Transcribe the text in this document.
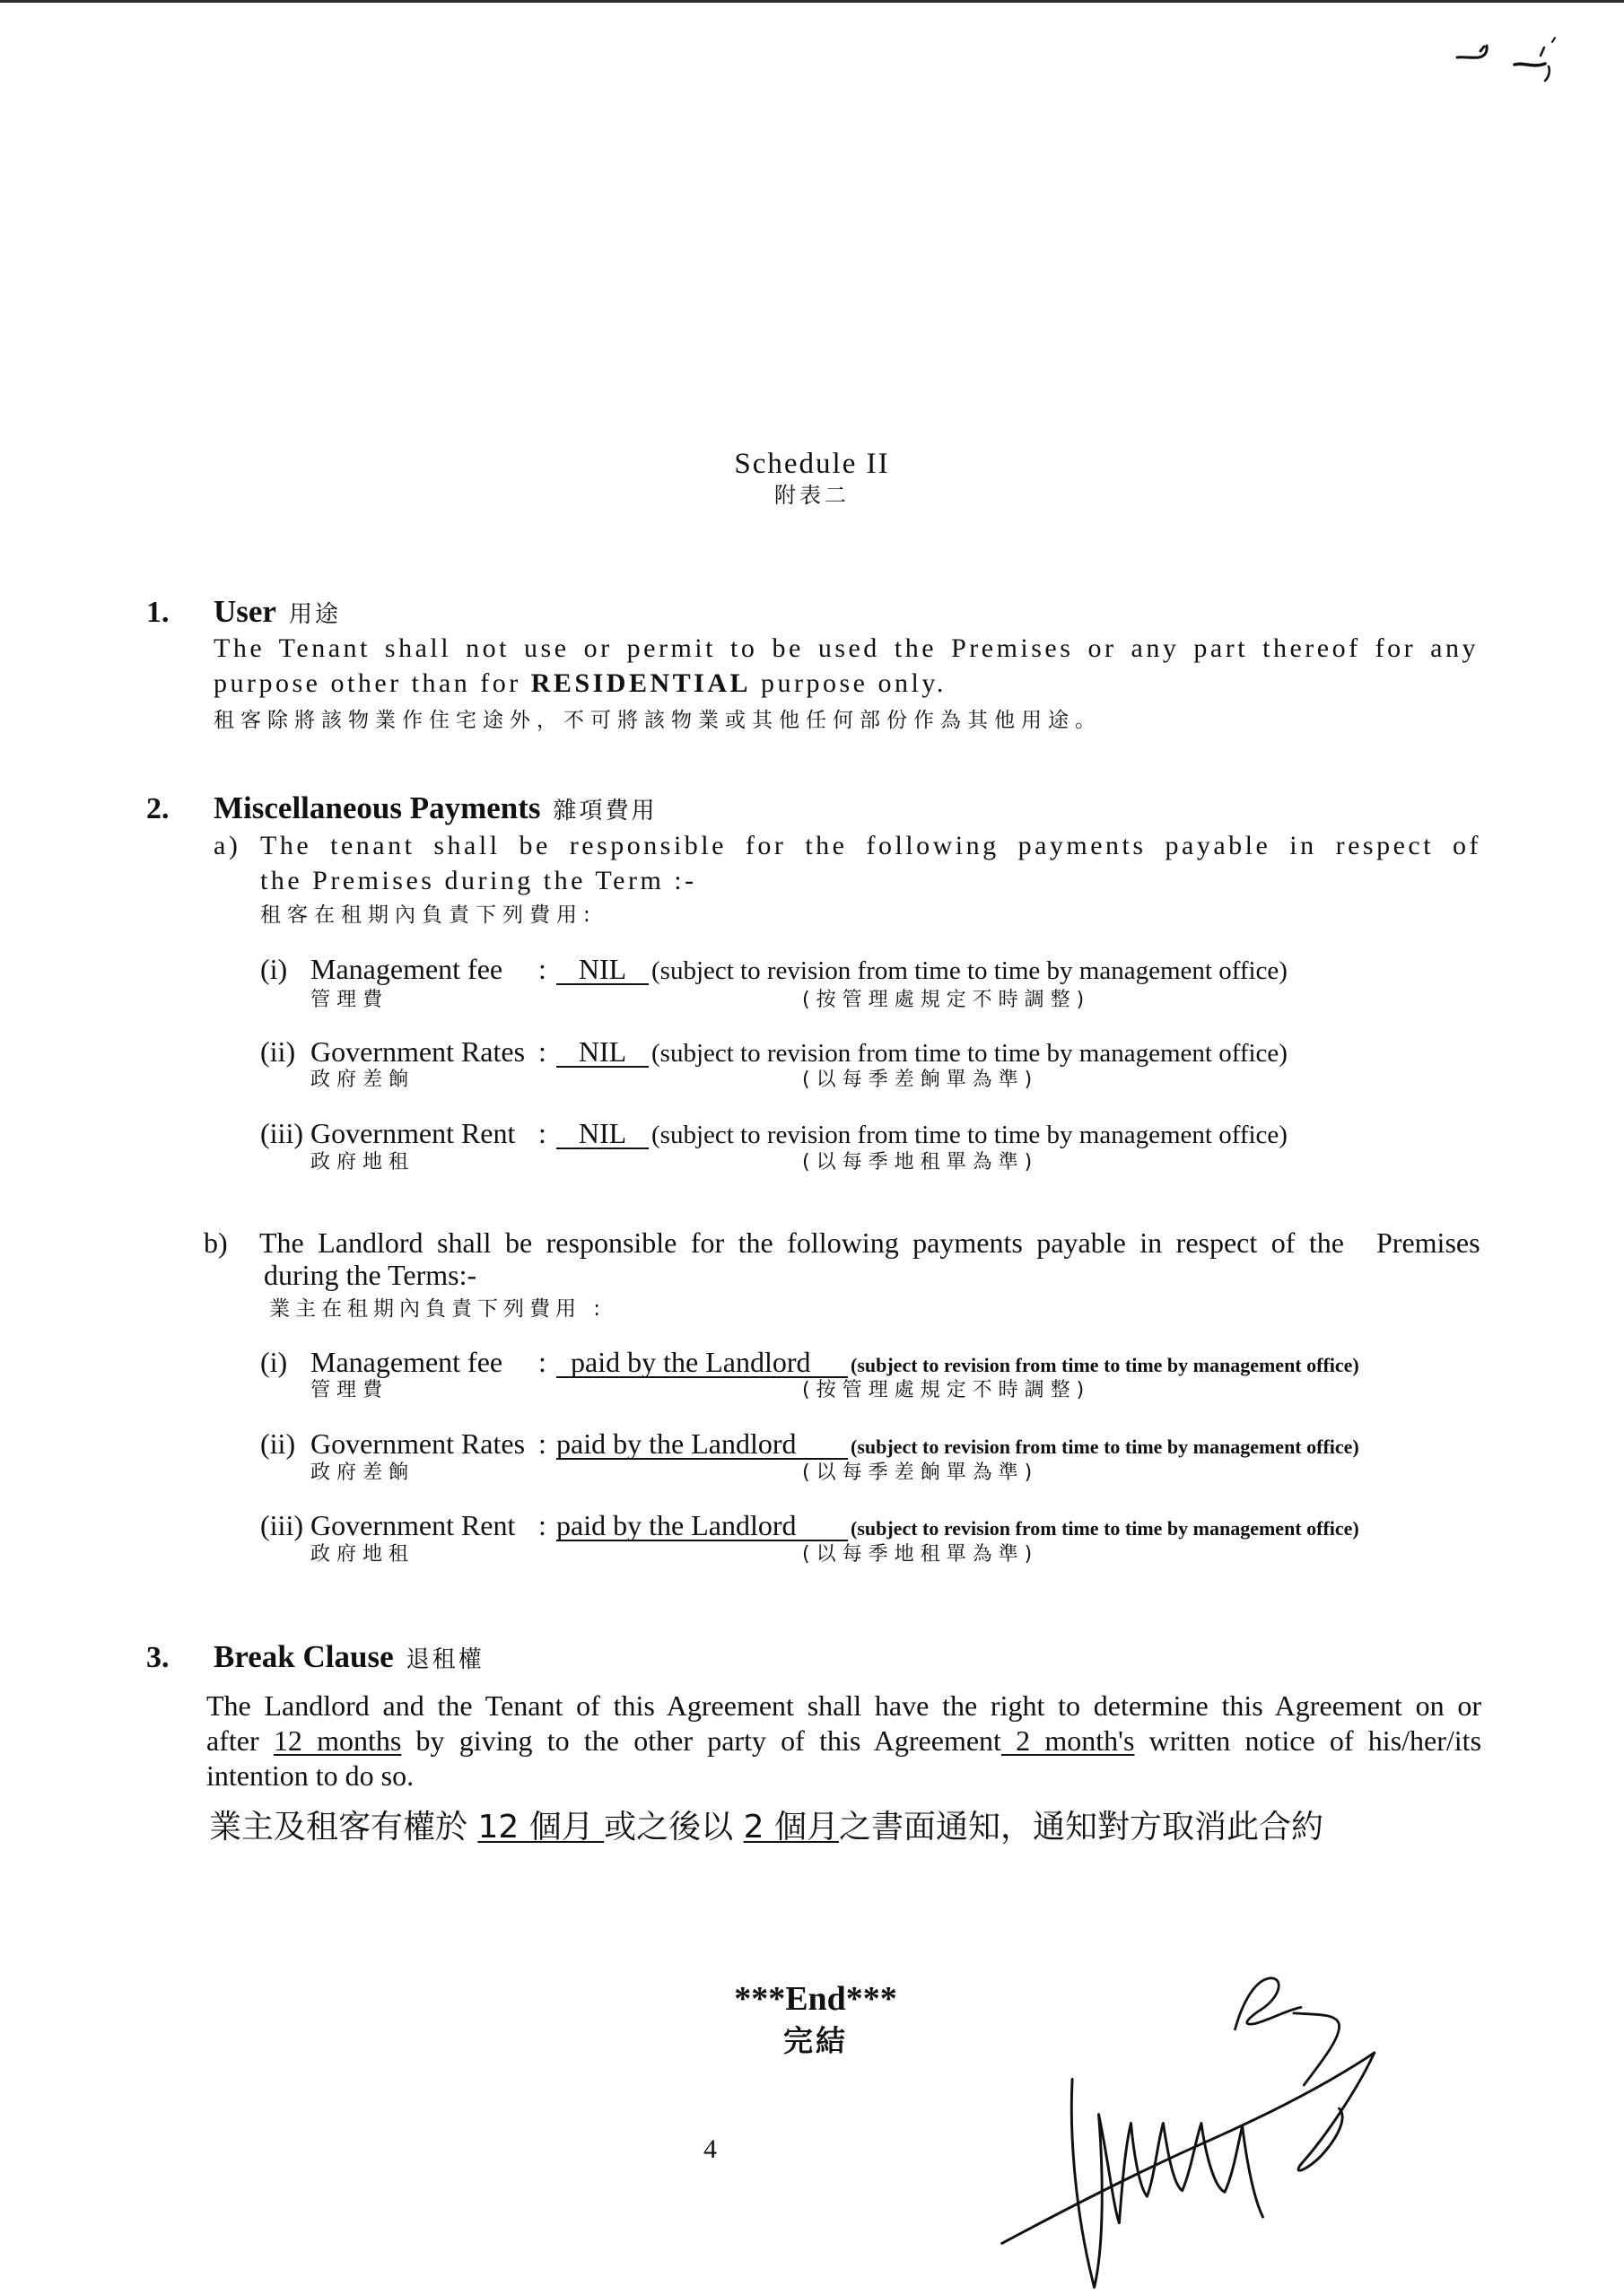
Schedule II
附表二
1.	User 用途
The Tenant shall not use or permit to be used the Premises or any part thereof for any
purpose other than for RESIDENTIAL purpose only.
租客除將該物業作住宅途外，不可將該物業或其他任何部份作為其他用途。
2.	Miscellaneous Payments 雜項費用
a) The tenant shall be responsible for the following payments payable in respect of
the Premises during the Term :-
租客在租期內負責下列費用:
(i) Management fee	:	NIL (subject to revision from time to time by management office)
管理費	(按管理處規定不時調整)
(ii) Government Rates :	NIL (subject to revision from time to time by management office)
政府差餉	(以每季差餉單為準)
(iii) Government Rent :	NIL (subject to revision from time to time by management office)
政府地租	(以每季地租單為準)
b) The Landlord shall be responsible for the following payments payable in respect of the Premises
during the Terms:-
業主在租期內負責下列費用 :
(i) Management fee	: paid by the Landlord	(subject to revision from time to time by management office)
管理費	(按管理處規定不時調整)
(ii) Government Rates : paid by the Landlord	(subject to revision from time to time by management office)
政府差餉	(以每季差餉單為準)
(iii) Government Rent : paid by the Landlord	(subject to revision from time to time by management office)
政府地租	(以每季地租單為準)
3.	Break Clause 退租權
The Landlord and the Tenant of this Agreement shall have the right to determine this Agreement on or
after 12 months by giving to the other party of this Agreement 2 month's written notice of his/her/its
intention to do so.
業主及租客有權於 12 個月 或之後以 2 個月之書面通知，通知對方取消此合約
***End***
完結
4
